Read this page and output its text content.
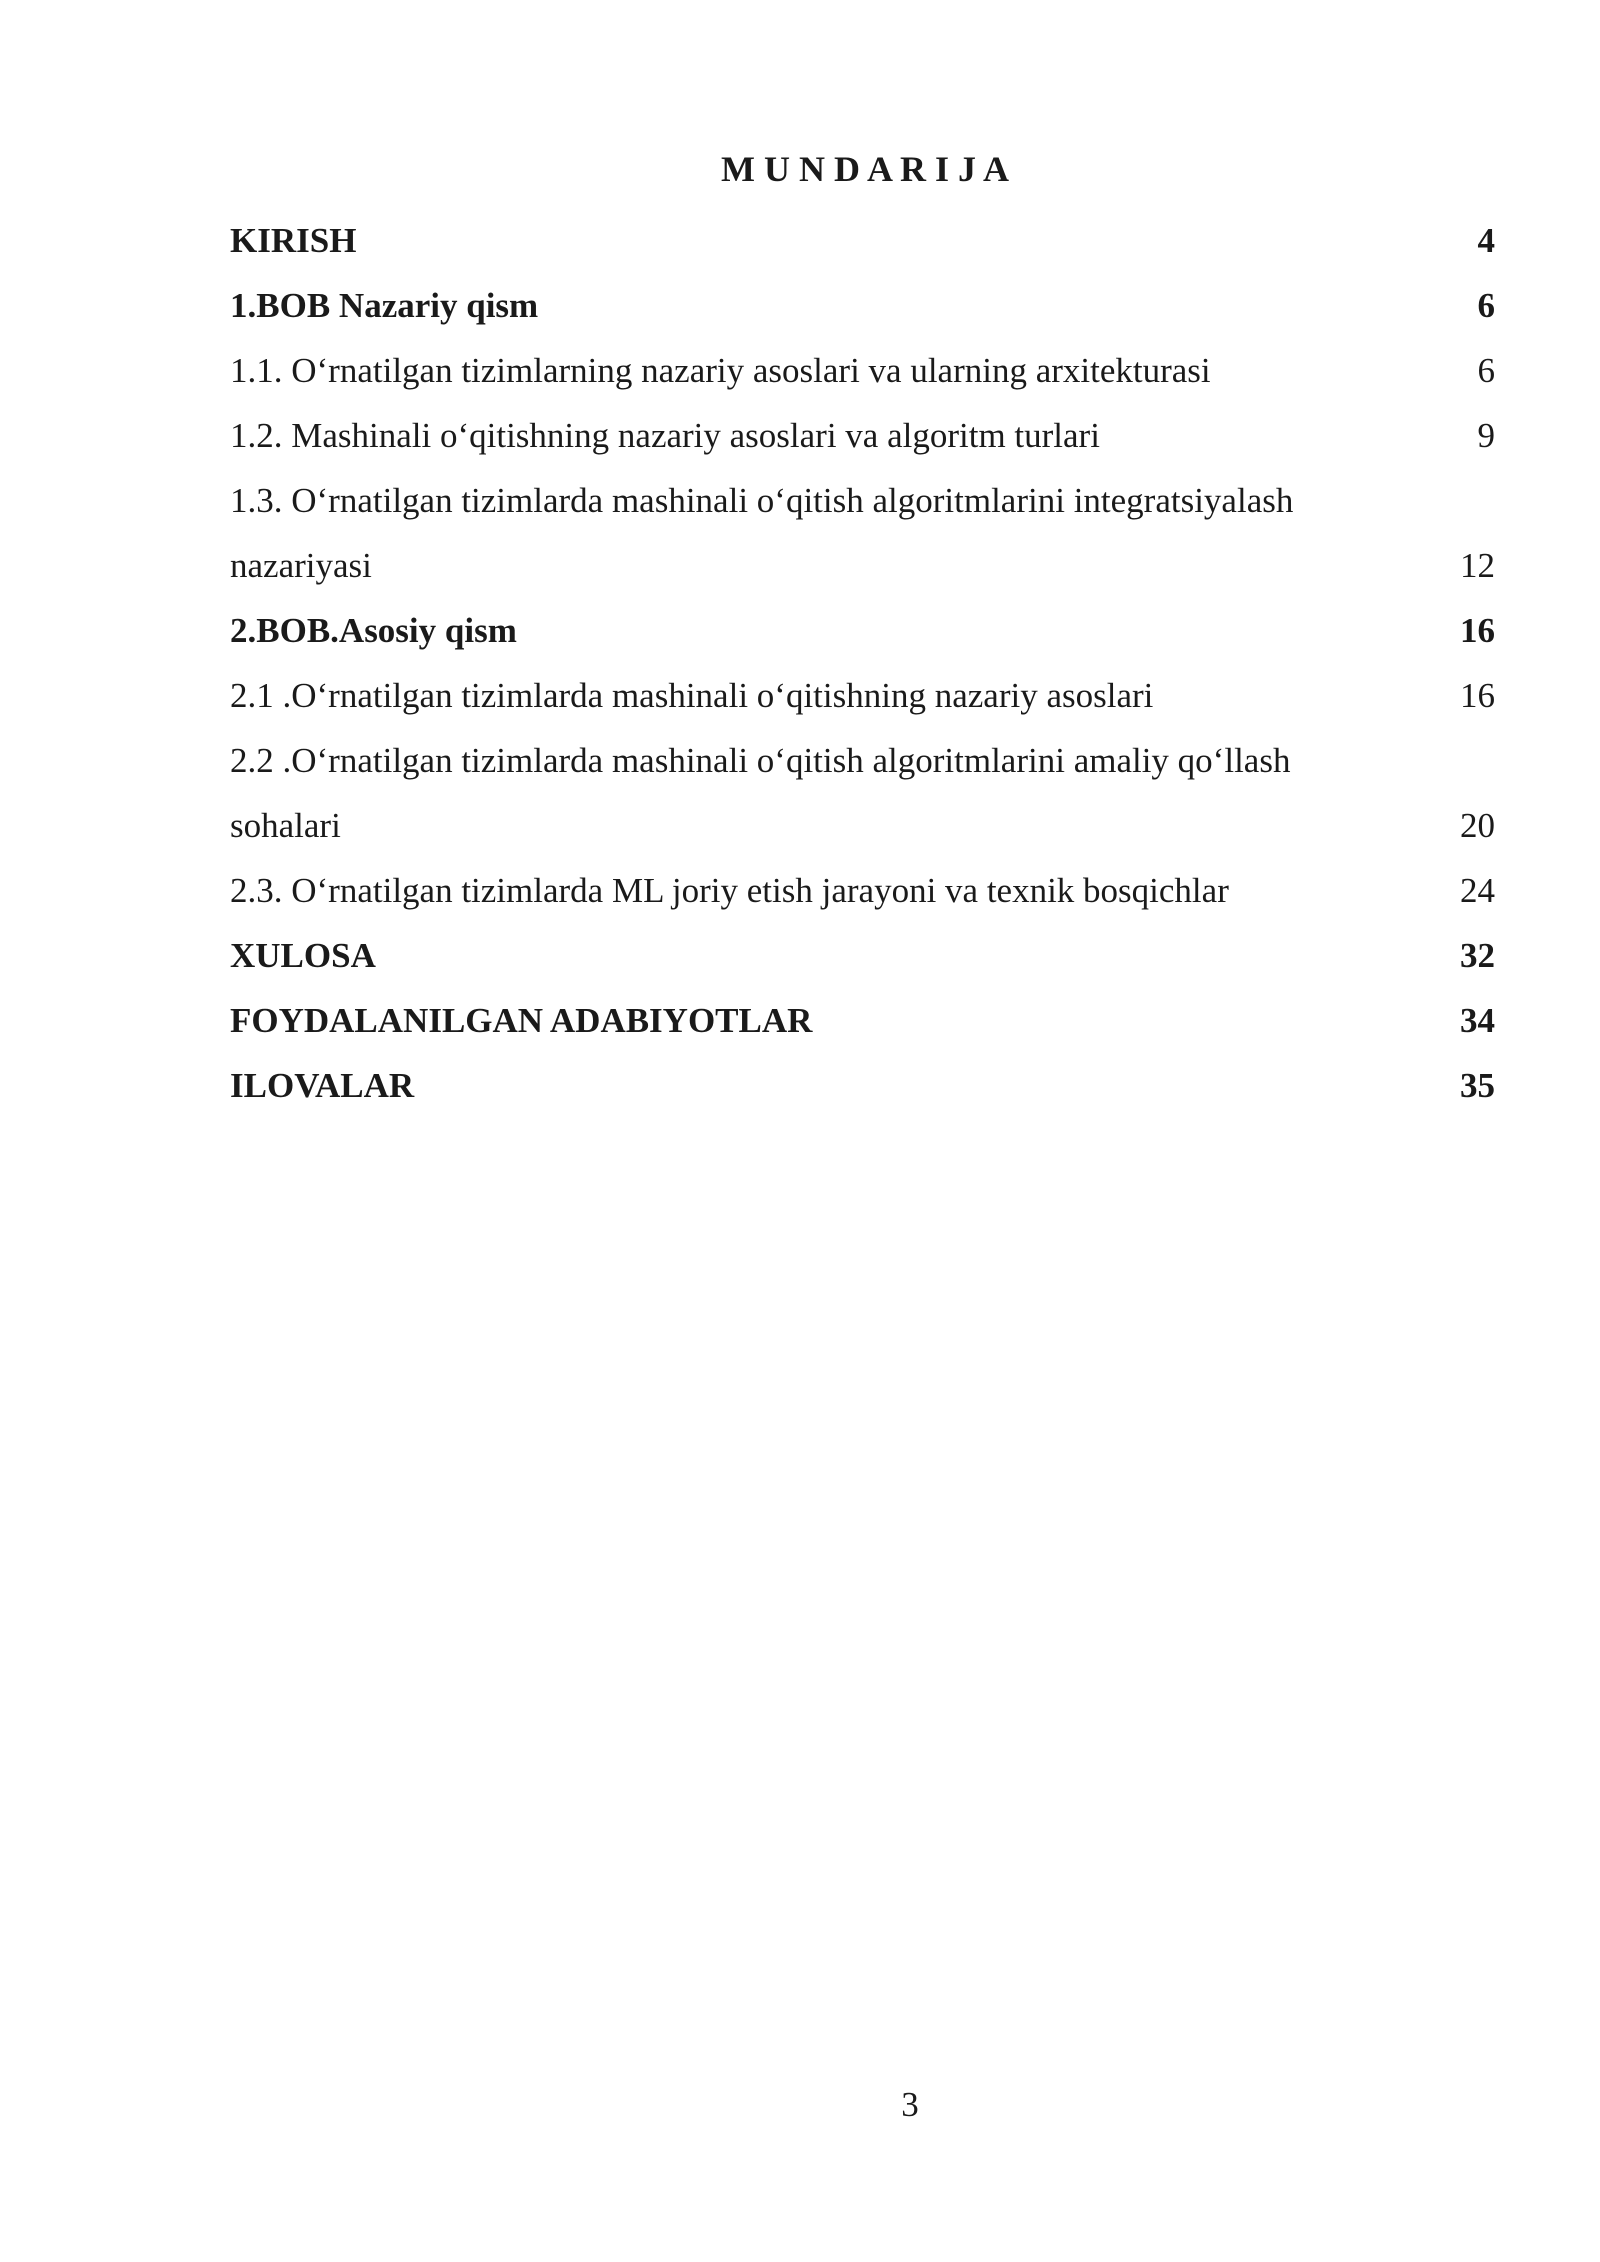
M U N D A R I J A
KIRISH	4
1.BOB Nazariy qism	6
1.1. O‘rnatilgan tizimlarning nazariy asoslari va ularning arxitekturasi	6
1.2. Mashinali o‘qitishning nazariy asoslari va algoritm turlari	9
1.3. O‘rnatilgan tizimlarda mashinali o‘qitish algoritmlarini integratsiyalash
nazariyasi	12
2.BOB.Asosiy qism	16
2.1 .O‘rnatilgan tizimlarda mashinali o‘qitishning nazariy asoslari	16
2.2 .O‘rnatilgan tizimlarda mashinali o‘qitish algoritmlarini amaliy qo‘llash
sohalari	20
2.3. O‘rnatilgan tizimlarda ML joriy etish jarayoni va texnik bosqichlar	24
XULOSA	32
FOYDALANILGAN ADABIYOTLAR	34
ILOVALAR	35
3
